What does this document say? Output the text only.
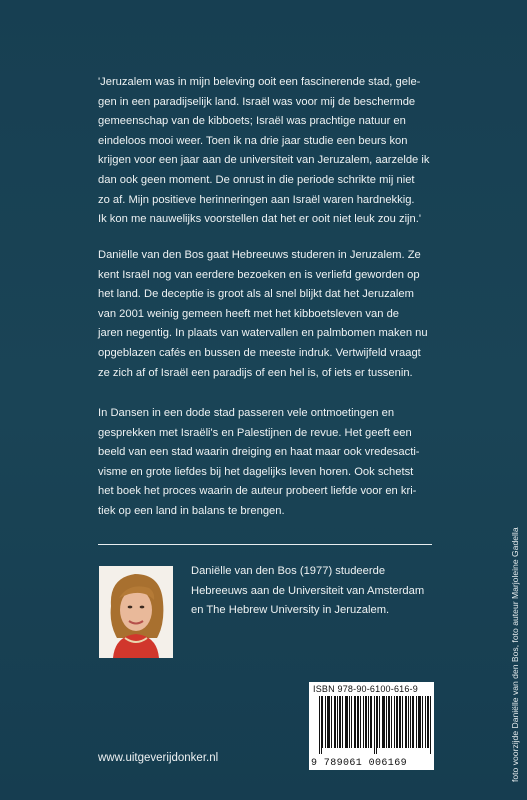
'Jeruzalem was in mijn beleving ooit een fascinerende stad, gele-
gen in een paradijselijk land. Israël was voor mij de beschermde
gemeenschap van de kibboets; Israël was prachtige natuur en
eindeloos mooi weer. Toen ik na drie jaar studie een beurs kon
krijgen voor een jaar aan de universiteit van Jeruzalem, aarzelde ik
dan ook geen moment. De onrust in die periode schrikte mij niet
zo af. Mijn positieve herinneringen aan Israël waren hardnekkig.
Ik kon me nauwelijks voorstellen dat het er ooit niet leuk zou zijn.'
Daniëlle van den Bos gaat Hebreeuws studeren in Jeruzalem. Ze
kent Israël nog van eerdere bezoeken en is verliefd geworden op
het land. De deceptie is groot als al snel blijkt dat het Jeruzalem
van 2001 weinig gemeen heeft met het kibboetsleven van de
jaren negentig. In plaats van watervallen en palmbomen maken nu
opgeblazen cafés en bussen de meeste indruk. Vertwijfeld vraagt
ze zich af of Israël een paradijs of een hel is, of iets er tussenin.
In Dansen in een dode stad passeren vele ontmoetingen en
gesprekken met Israëli's en Palestijnen de revue. Het geeft een
beeld van een stad waarin dreiging en haat maar ook vredesacti-
visme en grote liefdes bij het dagelijks leven horen. Ook schetst
het boek het proces waarin de auteur probeert liefde voor en kri-
tiek op een land in balans te brengen.
Daniëlle van den Bos (1977) studeerde
Hebreeuws aan de Universiteit van Amsterdam
en The Hebrew University in Jeruzalem.
ISBN 978-90-6100-616-9
9 789061 006169
www.uitgeverijdonker.nl	foto voorzijde Daniëlle van den Bos, foto auteur Marjoleine Gadella
